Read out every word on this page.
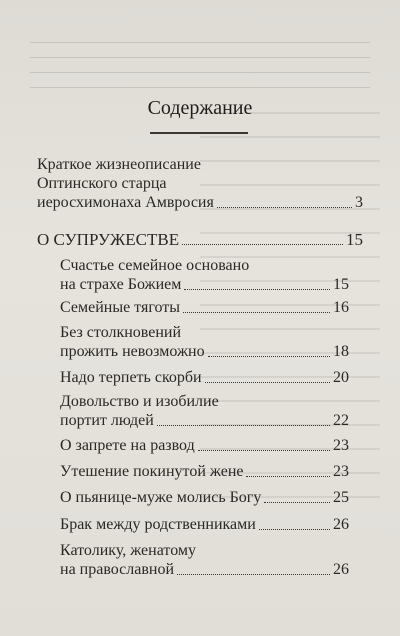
Содержание
Краткое жизнеописание
Оптинского старца
иеросхимонаха Амвросия	3
О СУПРУЖЕСТВЕ	15
Счастье семейное основано
на страхе Божием	15
Семейные тяготы	16
Без столкновений
прожить невозможно	18
Надо терпеть скорби	20
Довольство и изобилие
портит людей	22
О запрете на развод	23
Утешение покинутой жене	23
О пьянице-муже молись Богу	25
Брак между родственниками	26
Католику, женатому
на православной	26
